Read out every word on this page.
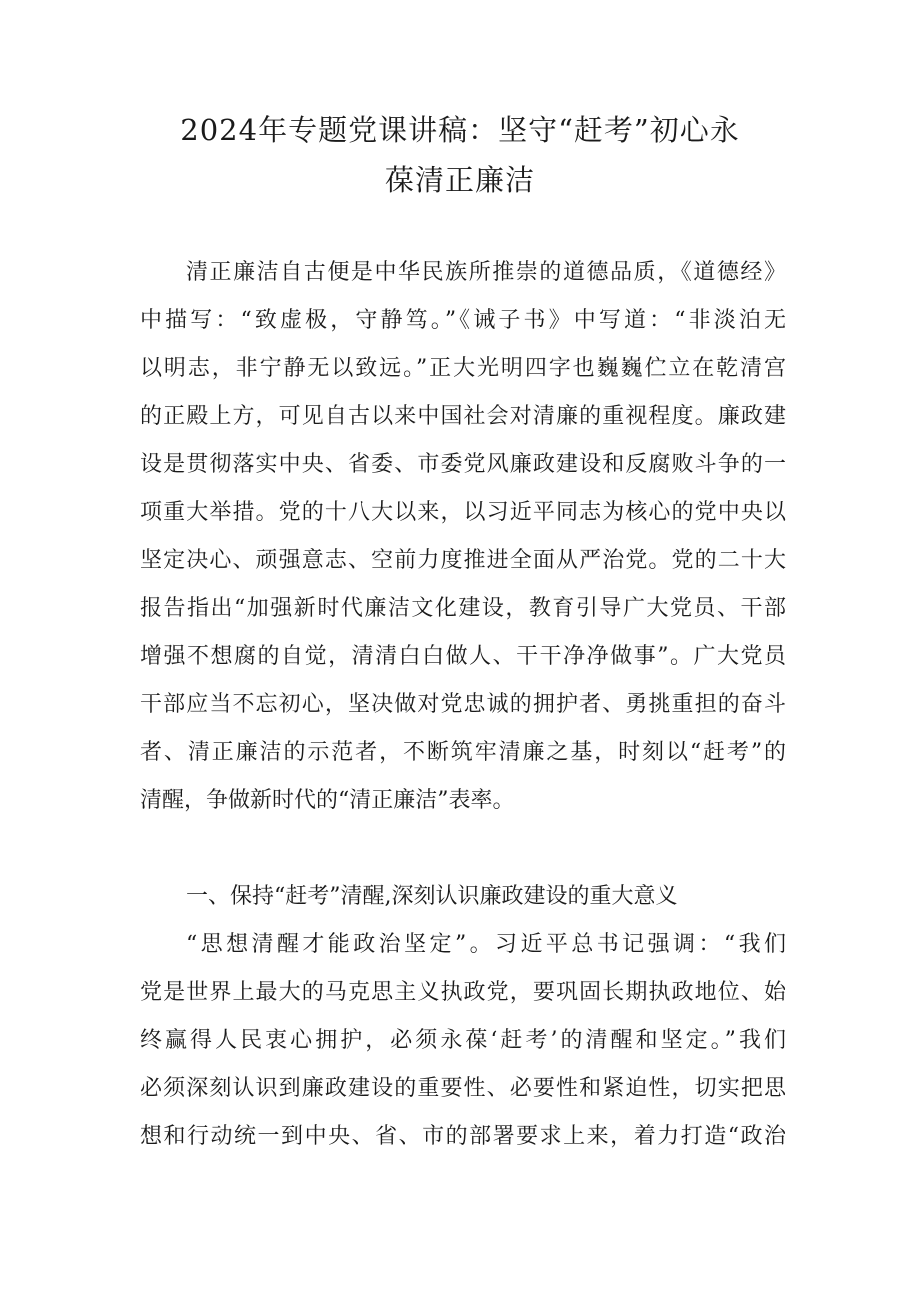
2024年专题党课讲稿：坚守“赶考”初心永
葆清正廉洁
清正廉洁自古便是中华民族所推崇的道德品质，《道德经》
中描写：“致虚极，守静笃。”《诫子书》中写道：“非淡泊无
以明志，非宁静无以致远。”正大光明四字也巍巍伫立在乾清宫
的正殿上方，可见自古以来中国社会对清廉的重视程度。廉政建
设是贯彻落实中央、省委、市委党风廉政建设和反腐败斗争的一
项重大举措。党的十八大以来，以习近平同志为核心的党中央以
坚定决心、顽强意志、空前力度推进全面从严治党。党的二十大
报告指出“加强新时代廉洁文化建设，教育引导广大党员、干部
增强不想腐的自觉，清清白白做人、干干净净做事”。广大党员
干部应当不忘初心，坚决做对党忠诚的拥护者、勇挑重担的奋斗
者、清正廉洁的示范者，不断筑牢清廉之基，时刻以“赶考”的
清醒，争做新时代的“清正廉洁”表率。
一、保持“赶考”清醒,深刻认识廉政建设的重大意义
“思想清醒才能政治坚定”。习近平总书记强调：“我们
党是世界上最大的马克思主义执政党，要巩固长期执政地位、始
终赢得人民衷心拥护，必须永葆‘赶考’的清醒和坚定。”我们
必须深刻认识到廉政建设的重要性、必要性和紧迫性，切实把思
想和行动统一到中央、省、市的部署要求上来，着力打造“政治
